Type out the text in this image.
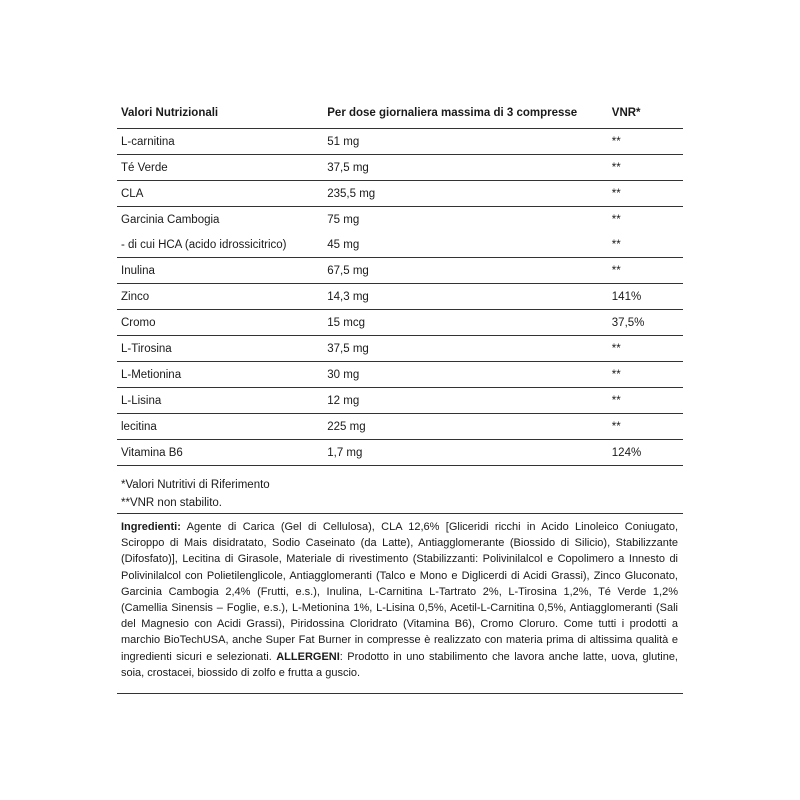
Valori Nutrizionali	Per dose giornaliera massima di 3 compresse	VNR*
L-carnitina	51 mg	**
Té Verde	37,5 mg	**
CLA	235,5 mg	**
Garcinia Cambogia	75 mg	**
- di cui HCA (acido idrossicitrico)	45 mg	**
Inulina	67,5 mg	**
Zinco	14,3 mg	141%
Cromo	15 mcg	37,5%
L-Tirosina	37,5 mg	**
L-Metionina	30 mg	**
L-Lisina	12 mg	**
lecitina	225 mg	**
Vitamina B6	1,7 mg	124%
*Valori Nutritivi di Riferimento
**VNR non stabilito.
Ingredienti: Agente di Carica (Gel di Cellulosa), CLA 12,6% [Gliceridi ricchi in Acido Linoleico Coniugato, Sciroppo di Mais disidratato, Sodio Caseinato (da Latte), Antiagglomerante (Biossido di Silicio), Stabilizzante (Difosfato)], Lecitina di Girasole, Materiale di rivestimento (Stabilizzanti: Polivinilalcol e Copolimero a Innesto di Polivinilalcol con Polietilenglicole, Antiagglomeranti (Talco e Mono e Diglicerdi di Acidi Grassi), Zinco Gluconato, Garcinia Cambogia 2,4% (Frutti, e.s.), Inulina, L-Carnitina L-Tartrato 2%, L-Tirosina 1,2%, Té Verde 1,2% (Camellia Sinensis – Foglie, e.s.), L-Metionina 1%, L-Lisina 0,5%, Acetil-L-Carnitina 0,5%, Antiagglomeranti (Sali del Magnesio con Acidi Grassi), Piridossina Cloridrato (Vitamina B6), Cromo Cloruro. Come tutti i prodotti a marchio BioTechUSA, anche Super Fat Burner in compresse è realizzato con materia prima di altissima qualità e ingredienti sicuri e selezionati. ALLERGENI: Prodotto in uno stabilimento che lavora anche latte, uova, glutine, soia, crostacei, biossido di zolfo e frutta a guscio.
